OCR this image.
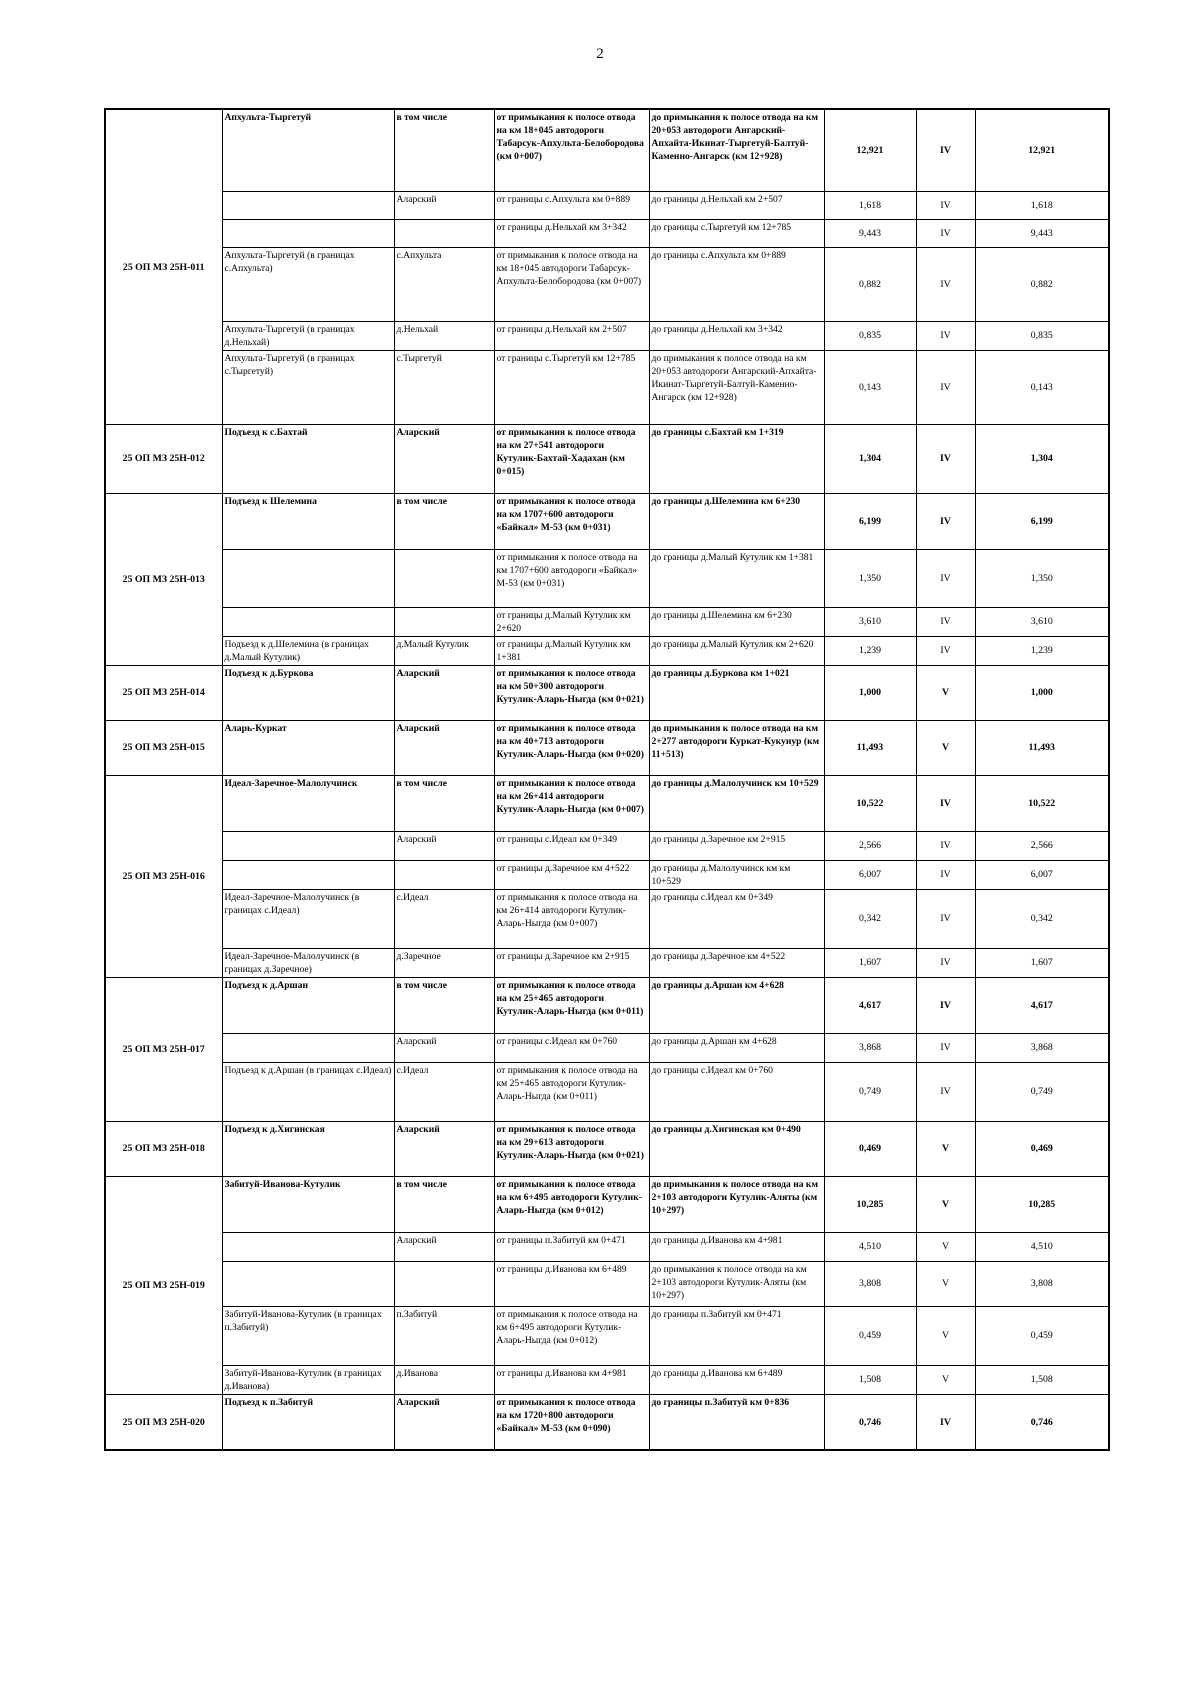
2
25 ОП МЗ 25Н-011	Апхульта-Тыргетуй	в том числе	от примыкания к полосе отвода на км 18+045 автодороги Табарсук-Апхульта-Белобородова (км 0+007)	до примыкания к полосе отвода на км 20+053 автодороги Ангарский-Апхайта-Икинат-Тыргетуй-Балтуй-Каменно-Ангарск (км 12+928)	12,921	IV	12,921
		Аларский	от границы с.Апхульта км 0+889	до границы д.Нельхай км 2+507	1,618	IV	1,618
			от границы д.Нельхай км 3+342	до границы с.Тыргетуй км 12+785	9,443	IV	9,443
	Апхульта-Тыргетуй (в границах с.Апхульта)	с.Апхульта	от примыкания к полосе отвода на км 18+045 автодороги Табарсук-Апхульта-Белобородова (км 0+007)	до границы с.Апхульта км 0+889	0,882	IV	0,882
	Апхульта-Тыргетуй (в границах д.Нельхай)	д.Нельхай	от границы д.Нельхай км 2+507	до границы д.Нельхай км 3+342	0,835	IV	0,835
	Апхульта-Тыргетуй (в границах с.Тыргетуй)	с.Тыргетуй	от границы с.Тыргетуй км 12+785	до примыкания к полосе отвода на км 20+053 автодороги Ангарский-Апхайта-Икинат-Тыргетуй-Балтуй-Каменно-Ангарск (км 12+928)	0,143	IV	0,143
25 ОП МЗ 25Н-012	Подъезд к с.Бахтай	Аларский	от примыкания к полосе отвода на км 27+541 автодороги Кутулик-Бахтай-Хадахан (км 0+015)	до границы с.Бахтай км 1+319	1,304	IV	1,304
25 ОП МЗ 25Н-013	Подъезд к Шелемина	в том числе	от примыкания к полосе отвода на км 1707+600 автодороги «Байкал» М-53 (км 0+031)	до границы д.Шелемина км 6+230	6,199	IV	6,199
			от примыкания к полосе отвода на км 1707+600 автодороги «Байкал» М-53 (км 0+031)	до границы д.Малый Кутулик км 1+381	1,350	IV	1,350
			от границы д.Малый Кутулик км 2+620	до границы д.Шелемина км 6+230	3,610	IV	3,610
	Подъезд к д.Шелемина (в границах д.Малый Кутулик)	д.Малый Кутулик	от границы д.Малый Кутулик км 1+381	до границы д.Малый Кутулик км 2+620	1,239	IV	1,239
25 ОП МЗ 25Н-014	Подъезд к д.Буркова	Аларский	от примыкания к полосе отвода на км 50+300 автодороги Кутулик-Аларь-Ныгда (км 0+021)	до границы д.Буркова км 1+021	1,000	V	1,000
25 ОП МЗ 25Н-015	Аларь-Куркат	Аларский	от примыкания к полосе отвода на км 40+713 автодороги Кутулик-Аларь-Ныгда (км 0+020)	до примыкания к полосе отвода на км 2+277 автодороги Куркат-Кукунур (км 11+513)	11,493	V	11,493
25 ОП МЗ 25Н-016	Идеал-Заречное-Малолучинск	в том числе	от примыкания к полосе отвода на км 26+414 автодороги Кутулик-Аларь-Ныгда (км 0+007)	до границы д.Малолучинск км 10+529	10,522	IV	10,522
		Аларский	от границы с.Идеал км 0+349	до границы д.Заречное км 2+915	2,566	IV	2,566
			от границы д.Заречное км 4+522	до границы д.Малолучинск км км 10+529	6,007	IV	6,007
	Идеал-Заречное-Малолучинск (в границах с.Идеал)	с.Идеал	от примыкания к полосе отвода на км 26+414 автодороги Кутулик-Аларь-Ныгда (км 0+007)	до границы с.Идеал км 0+349	0,342	IV	0,342
	Идеал-Заречное-Малолучинск (в границах д.Заречное)	д.Заречное	от границы д.Заречное км 2+915	до границы д.Заречное км 4+522	1,607	IV	1,607
25 ОП МЗ 25Н-017	Подъезд к д.Аршан	в том числе	от примыкания к полосе отвода на км 25+465 автодороги Кутулик-Аларь-Ныгда (км 0+011)	до границы д.Аршан км 4+628	4,617	IV	4,617
		Аларский	от границы с.Идеал км 0+760	до границы д.Аршан км 4+628	3,868	IV	3,868
	Подъезд к д.Аршан (в границах с.Идеал)	с.Идеал	от примыкания к полосе отвода на км 25+465 автодороги Кутулик-Аларь-Ныгда (км 0+011)	до границы с.Идеал км 0+760	0,749	IV	0,749
25 ОП МЗ 25Н-018	Подъезд к д.Хигинская	Аларский	от примыкания к полосе отвода на км 29+613 автодороги Кутулик-Аларь-Ныгда (км 0+021)	до границы д.Хигинская км 0+490	0,469	V	0,469
25 ОП МЗ 25Н-019	Забитуй-Иванова-Кутулик	в том числе	от примыкания к полосе отвода на км 6+495 автодороги Кутулик-Аларь-Ныгда (км 0+012)	до примыкания к полосе отвода на км 2+103 автодороги Кутулик-Аляты (км 10+297)	10,285	V	10,285
		Аларский	от границы п.Забитуй км 0+471	до границы д.Иванова км 4+981	4,510	V	4,510
			от границы д.Иванова км 6+489	до примыкания к полосе отвода на км 2+103 автодороги Кутулик-Аляты (км 10+297)	3,808	V	3,808
	Забитуй-Иванова-Кутулик (в границах п.Забитуй)	п.Забитуй	от примыкания к полосе отвода на км 6+495 автодороги Кутулик-Аларь-Ныгда (км 0+012)	до границы п.Забитуй км 0+471	0,459	V	0,459
	Забитуй-Иванова-Кутулик (в границах д.Иванова)	д.Иванова	от границы д.Иванова км 4+981	до границы д.Иванова км 6+489	1,508	V	1,508
25 ОП МЗ 25Н-020	Подъезд к п.Забитуй	Аларский	от примыкания к полосе отвода на км 1720+800 автодороги «Байкал» М-53 (км 0+090)	до границы п.Забитуй км 0+836	0,746	IV	0,746
